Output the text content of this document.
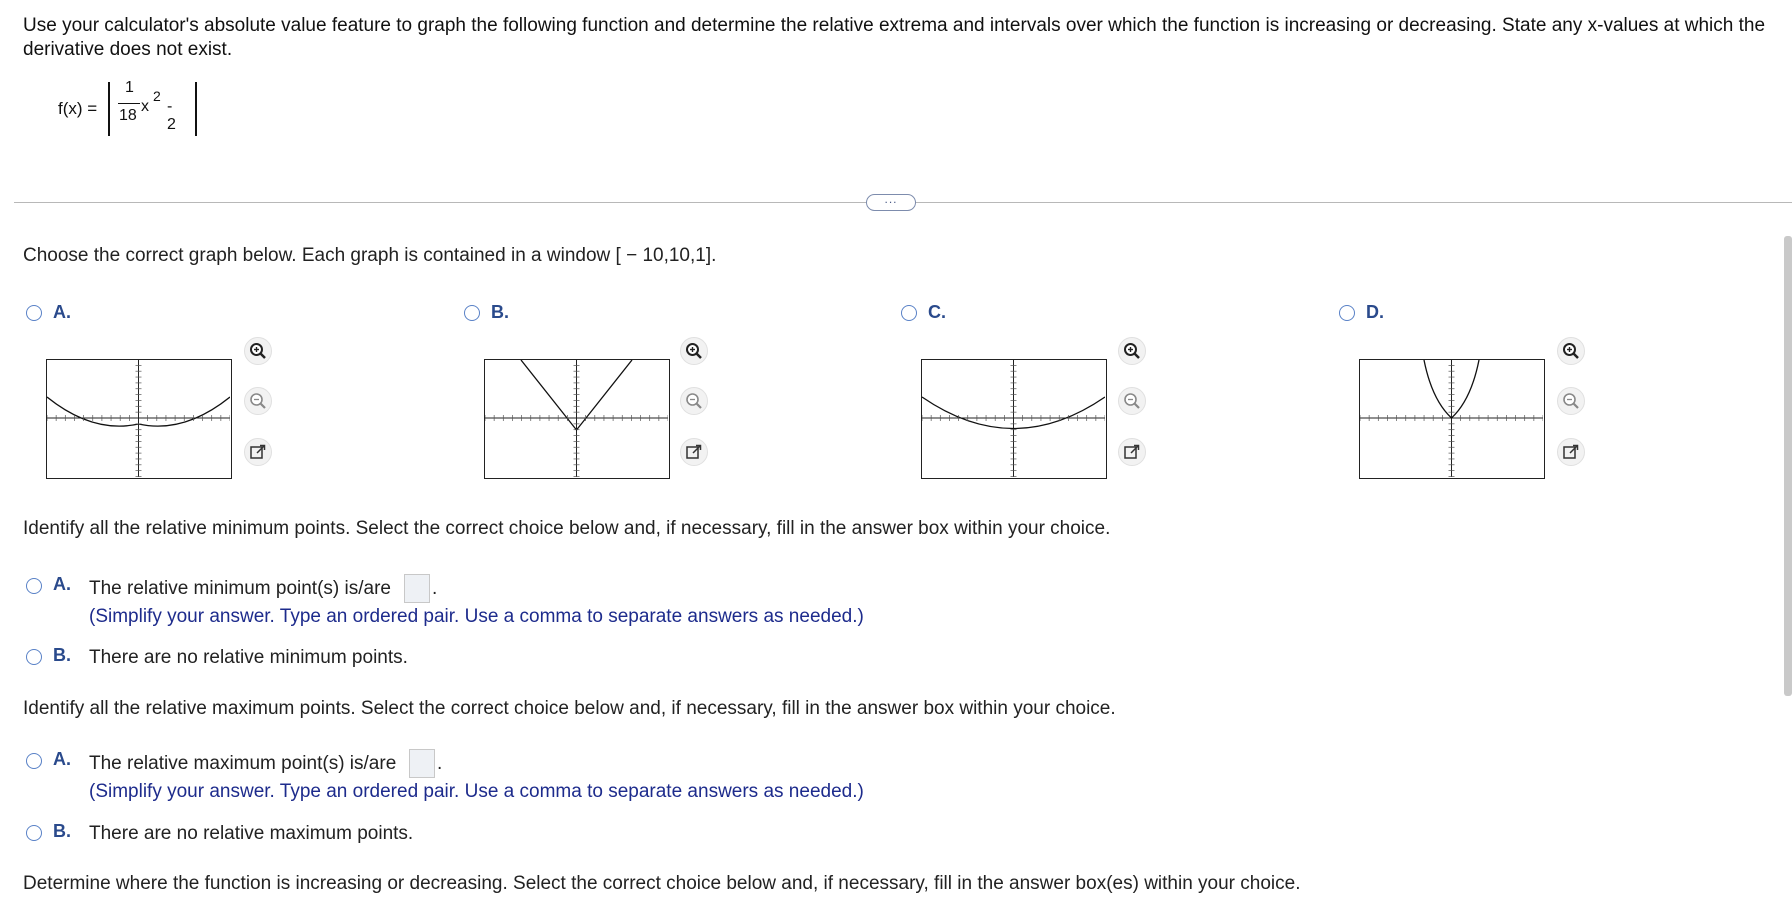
Use your calculator's absolute value feature to graph the following function and determine the relative extrema and intervals over which the function is increasing or decreasing. State any x-values at which the derivative does not exist.
f(x) =
1
18
x
2
- 2
...
Choose the correct graph below. Each graph is contained in a window [ − 10,10,1].
A.	B.	C.	D.
Identify all the relative minimum points. Select the correct choice below and, if necessary, fill in the answer box within your choice.
A. The relative minimum point(s) is/are .
(Simplify your answer. Type an ordered pair. Use a comma to separate answers as needed.)
B. There are no relative minimum points.
Identify all the relative maximum points. Select the correct choice below and, if necessary, fill in the answer box within your choice.
A. The relative maximum point(s) is/are .
(Simplify your answer. Type an ordered pair. Use a comma to separate answers as needed.)
B. There are no relative maximum points.
Determine where the function is increasing or decreasing. Select the correct choice below and, if necessary, fill in the answer box(es) within your choice.
